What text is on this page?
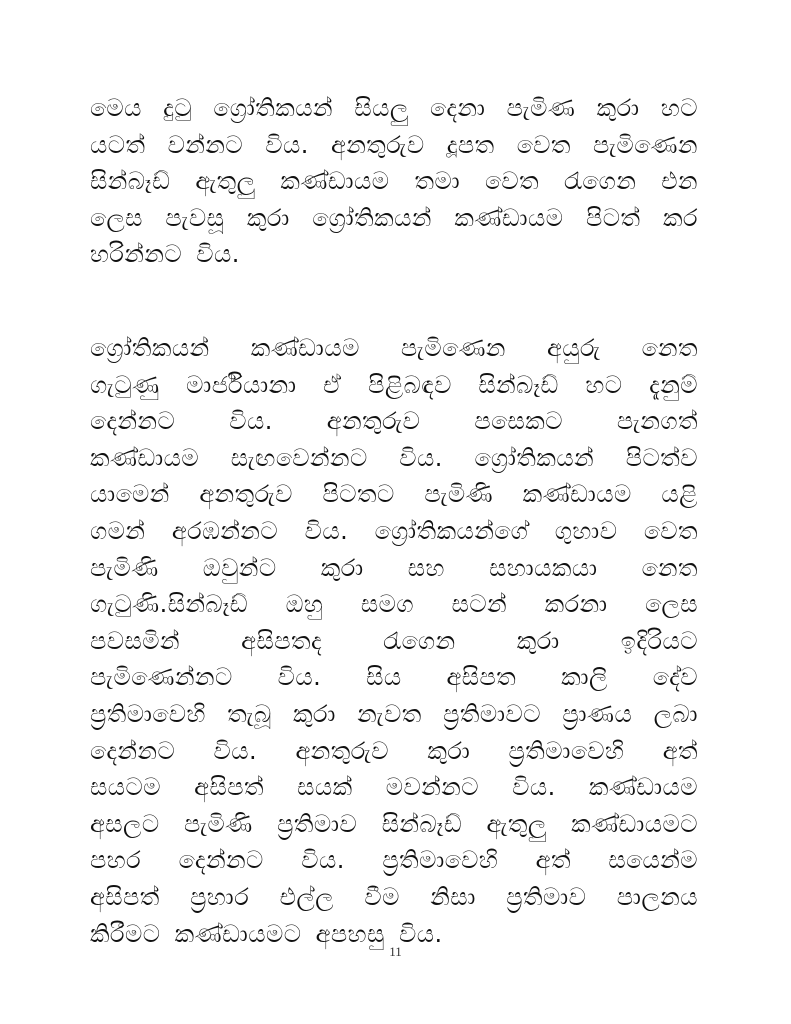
මෙය දුටු ග්‍රෝතිකයන් සියලු දෙනා පැමිණ කුරා හට
යටත් වන්නට විය. අනතුරුව දූපත වෙත පැමිණෙන
සින්බෑඩ් ඇතුලු කණ්ඩායම තමා වෙත රැගෙන එන
ලෙස පැවසූ කුරා ග්‍රෝතිකයන් කණ්ඩායම පිටත් කර
හරින්නට විය.
ග්‍රෝතිකයන් කණ්ඩායම පැමිණෙන අයුරු නෙත
ගැටුණු මාර්ජියානා ඒ පිළිබඳව සින්බෑඩ් හට දැනුම්
දෙන්නට විය. අනතුරුව පසෙකට පැනගත්
කණ්ඩායම සැඟවෙන්නට විය. ග්‍රෝතිකයන් පිටත්ව
යාමෙන් අනතුරුව පිටතට පැමිණි කණ්ඩායම යළි
ගමන් අරඹන්නට විය. ග්‍රෝතිකයන්ගේ ගුහාව වෙත
පැමිණි ඔවුන්ට කුරා සහ සහායකයා නෙත
ගැටුණි.සින්බෑඩ් ඔහු සමග සටන් කරනා ලෙස
පවසමින් අසිපතද රැගෙන කුරා ඉදිරියට
පැමිණෙන්නට විය. සිය අසිපත කාලි දේව
ප්‍රතිමාවෙහි තැබූ කුරා නැවත ප්‍රතිමාවට ප්‍රාණය ලබා
දෙන්නට විය. අනතුරුව කුරා ප්‍රතිමාවෙහි අත්
සයටම අසිපත් සයක් මවන්නට විය. කණ්ඩායම
අසලට පැමිණි ප්‍රතිමාව සින්බෑඩ් ඇතුලු කණ්ඩායමට
පහර දෙන්නට විය. ප්‍රතිමාවෙහි අත් සයෙන්ම
අසිපත් ප්‍රහාර එල්ල වීම නිසා ප්‍රතිමාව පාලනය
කිරීමට කණ්ඩායමට අපහසු විය.
11
